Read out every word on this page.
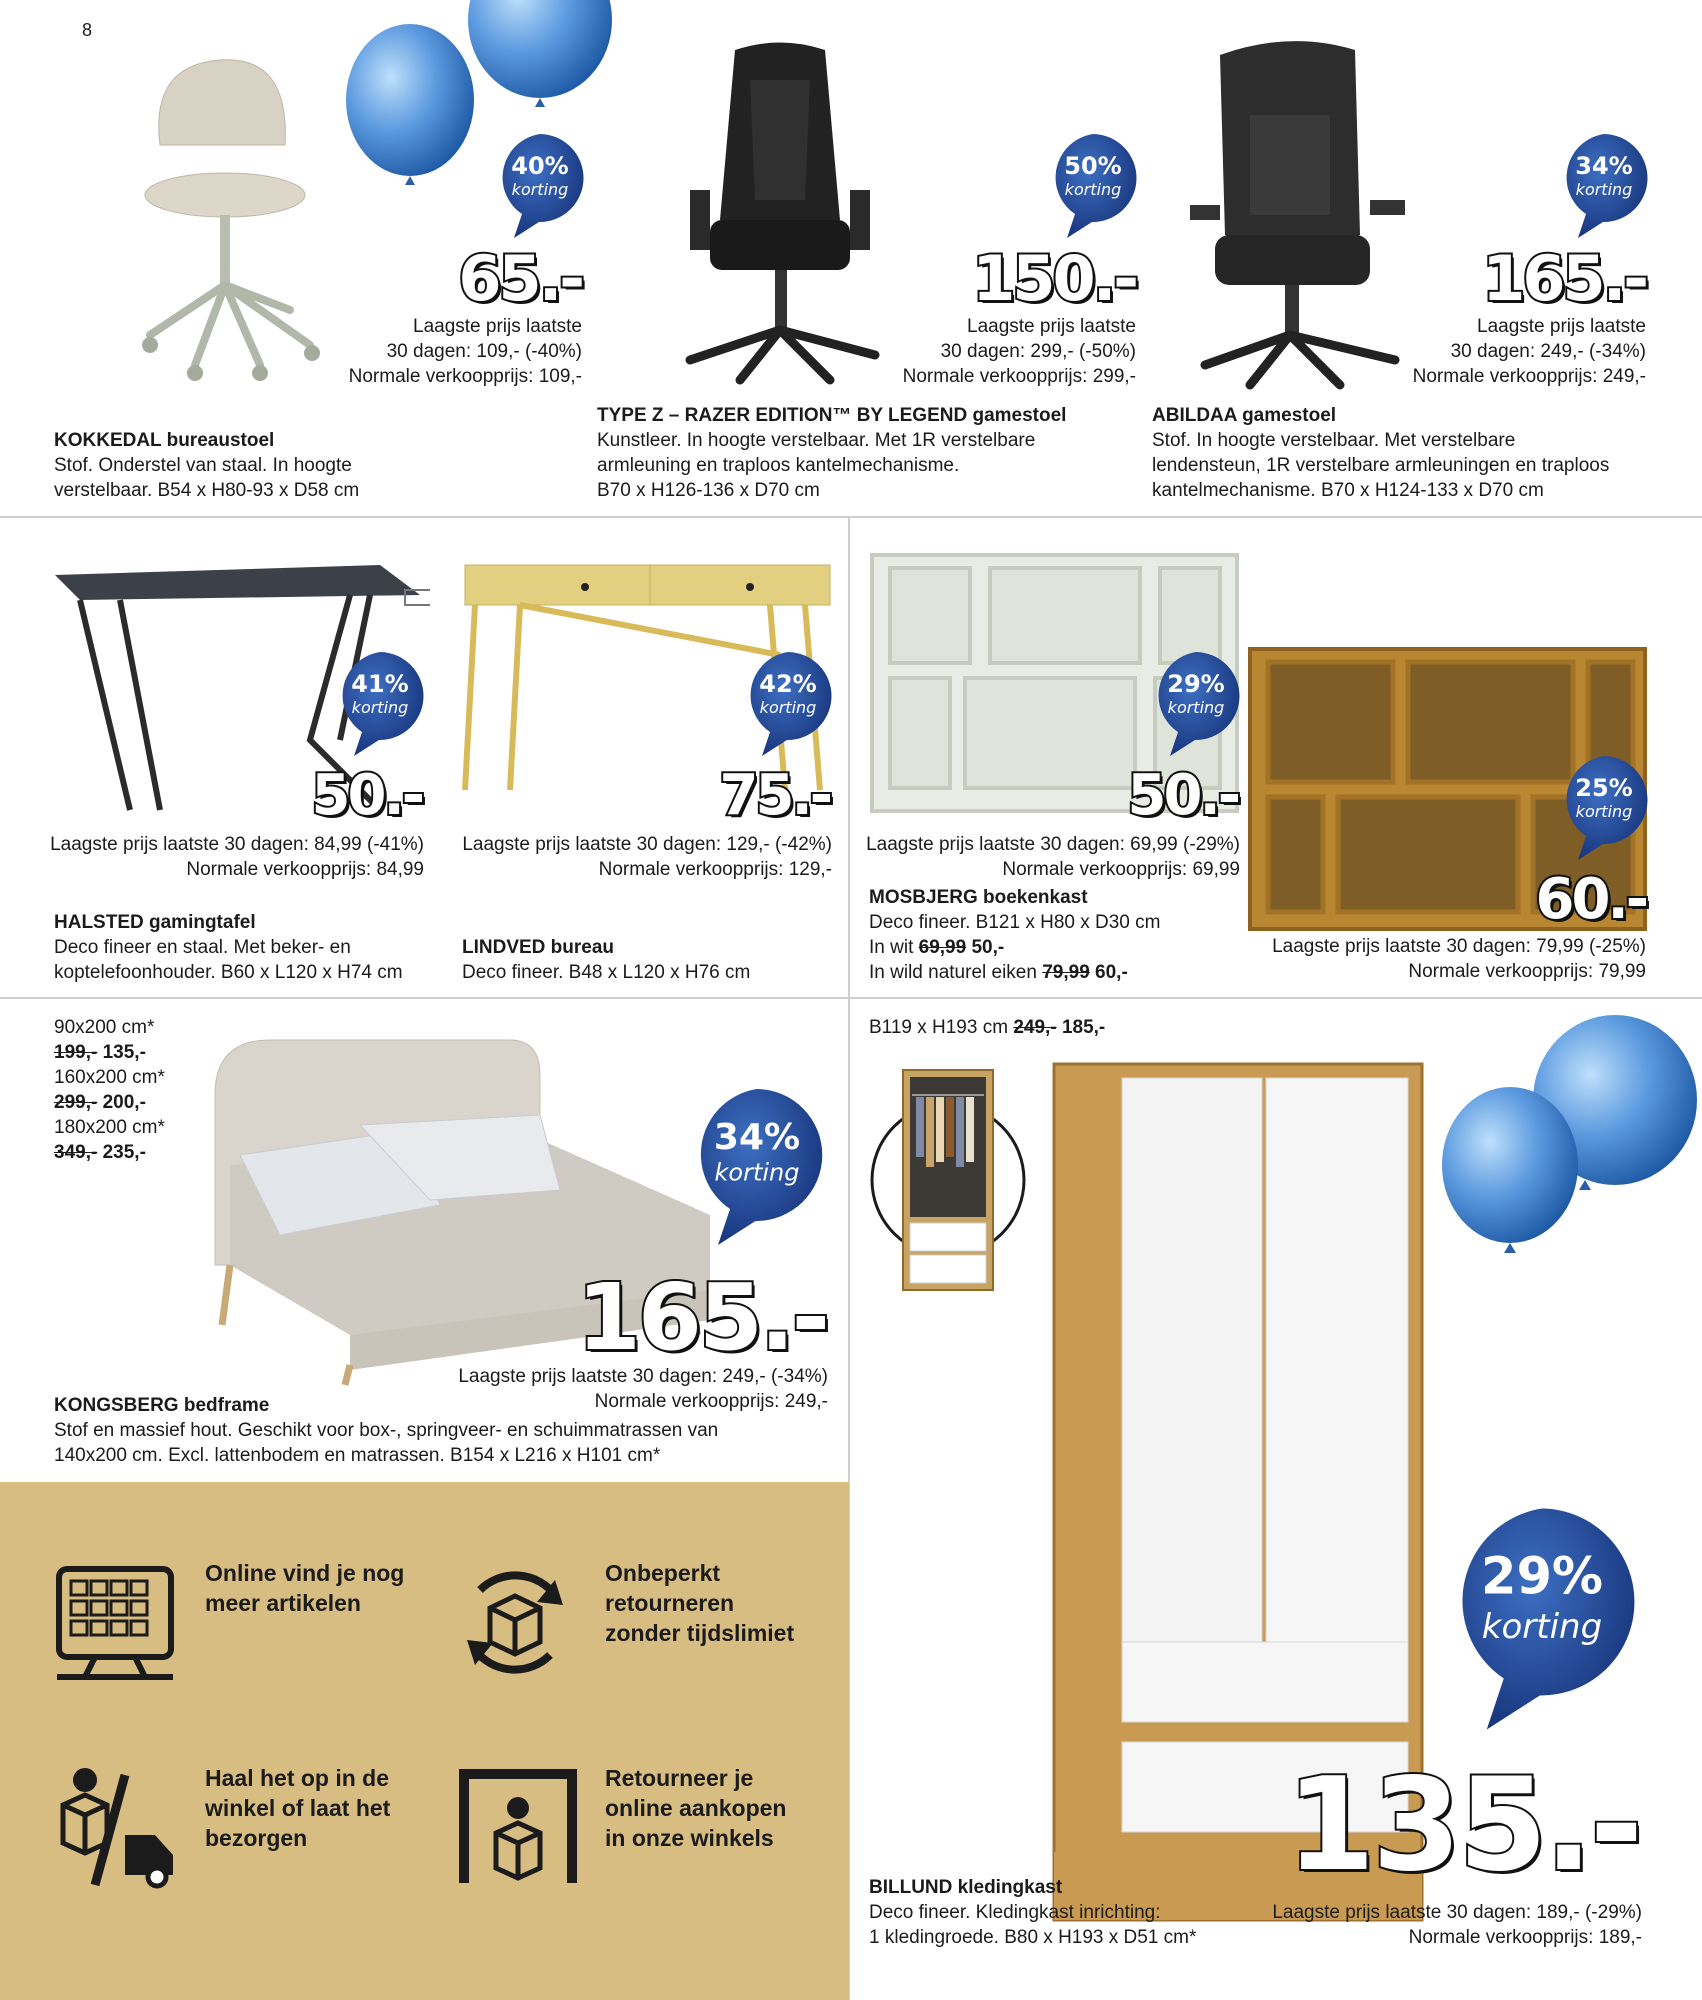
8
40%
korting
50%
korting
34%
korting
65.-	150.-	165.-
Laagste prijs laatste
30 dagen: 109,- (-40%)
Normale verkoopprijs: 109,-
Laagste prijs laatste
30 dagen: 299,- (-50%)
Normale verkoopprijs: 299,-
Laagste prijs laatste
30 dagen: 249,- (-34%)
Normale verkoopprijs: 249,-
KOKKEDAL bureaustoel
Stof. Onderstel van staal. In hoogte
verstelbaar. B54 x H80-93 x D58 cm
TYPE Z – RAZER EDITION™ BY LEGEND gamestoel
Kunstleer. In hoogte verstelbaar. Met 1R verstelbare
armleuning en traploos kantelmechanisme.
B70 x H126-136 x D70 cm
ABILDAA gamestoel
Stof. In hoogte verstelbaar. Met verstelbare
lendensteun, 1R verstelbare armleuningen en traploos
kantelmechanisme. B70 x H124-133 x D70 cm
41%
korting
42%
korting
29%
korting
25%
korting
50.-	75.-	50.-
60.-
Laagste prijs laatste 30 dagen: 84,99 (-41%)
Normale verkoopprijs: 84,99
Laagste prijs laatste 30 dagen: 129,- (-42%)
Normale verkoopprijs: 129,-
Laagste prijs laatste 30 dagen: 69,99 (-29%)
Normale verkoopprijs: 69,99
Laagste prijs laatste 30 dagen: 79,99 (-25%)
Normale verkoopprijs: 79,99
HALSTED gamingtafel
Deco fineer en staal. Met beker- en
koptelefoonhouder. B60 x L120 x H74 cm
LINDVED bureau
Deco fineer. B48 x L120 x H76 cm
MOSBJERG boekenkast
Deco fineer. B121 x H80 x D30 cm
In wit 69,99 50,-
In wild naturel eiken 79,99 60,-
90x200 cm*
199,- 135,-
160x200 cm*
299,- 200,-
180x200 cm*
349,- 235,-	34%
korting
165.-
Laagste prijs laatste 30 dagen: 249,- (-34%)
Normale verkoopprijs: 249,-
KONGSBERG bedframe
Stof en massief hout. Geschikt voor box-, springveer- en schuimmatrassen van
140x200 cm. Excl. lattenbodem en matrassen. B154 x L216 x H101 cm*
Online vind je nog
meer artikelen
Onbeperkt
retourneren
zonder tijdslimiet
Haal het op in de
winkel of laat het
bezorgen
Retourneer je
online aankopen
in onze winkels
B119 x H193 cm 249,- 185,-
29%
korting
135.-
Laagste prijs laatste 30 dagen: 189,- (-29%)
Normale verkoopprijs: 189,-
BILLUND kledingkast
Deco fineer. Kledingkast inrichting:
1 kledingroede. B80 x H193 x D51 cm*
